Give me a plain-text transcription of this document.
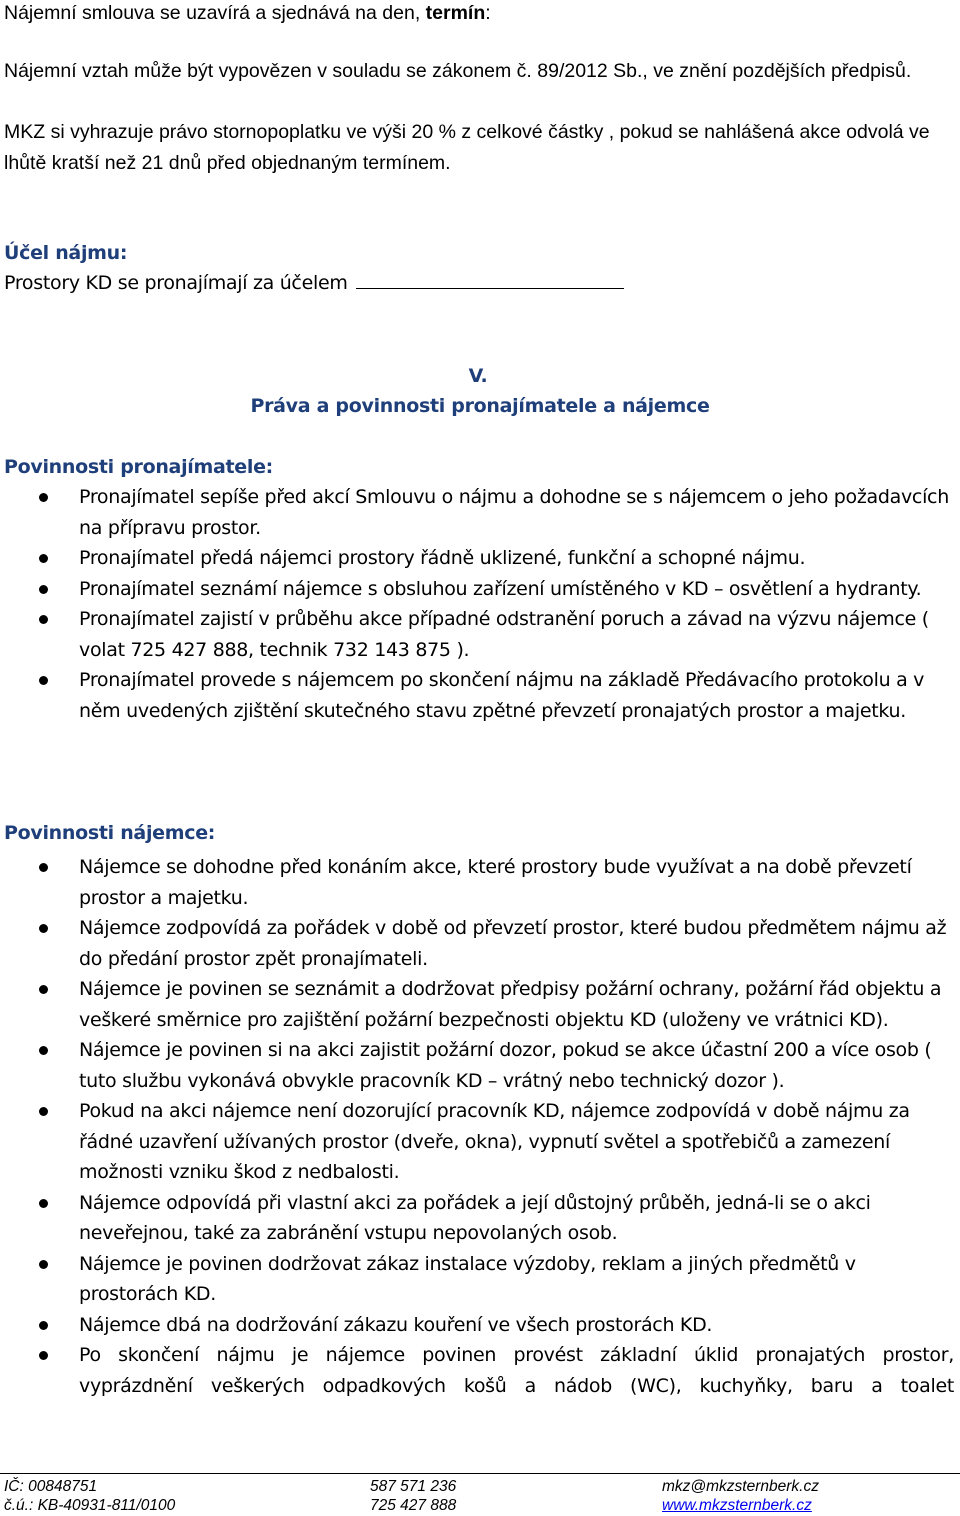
Nájemní smlouva se uzavírá a sjednává na den, termín:
Nájemní vztah může být vypovězen v souladu se zákonem č. 89/2012 Sb., ve znění pozdějších předpisů.
MKZ si vyhrazuje právo stornopoplatku ve výši 20 % z celkové částky , pokud se nahlášená akce odvolá ve lhůtě kratší než 21 dnů před objednaným termínem.
Účel nájmu:
Prostory KD se pronajímají za účelem
V.
Práva a povinnosti pronajímatele a nájemce
Povinnosti pronajímatele:
Pronajímatel sepíše před akcí Smlouvu o nájmu a dohodne se s nájemcem o jeho požadavcích na přípravu prostor.
Pronajímatel předá nájemci prostory řádně uklizené, funkční a schopné nájmu.
Pronajímatel seznámí nájemce s obsluhou zařízení umístěného v KD – osvětlení a hydranty.
Pronajímatel zajistí v průběhu akce případné odstranění poruch a závad na výzvu nájemce ( volat 725 427 888, technik 732 143 875 ).
Pronajímatel provede s nájemcem po skončení nájmu na základě Předávacího protokolu a v něm uvedených zjištění skutečného stavu zpětné převzetí pronajatých prostor a majetku.
Povinnosti nájemce:
Nájemce se dohodne před konáním akce, které prostory bude využívat a na době převzetí prostor a majetku.
Nájemce zodpovídá za pořádek v době od převzetí prostor, které budou předmětem nájmu až do předání prostor zpět pronajímateli.
Nájemce je povinen se seznámit a dodržovat předpisy požární ochrany, požární řád objektu a veškeré směrnice pro zajištění požární bezpečnosti objektu KD (uloženy ve vrátnici KD).
Nájemce je povinen si na akci zajistit požární dozor, pokud se akce účastní 200 a více osob ( tuto službu vykonává obvykle pracovník KD – vrátný nebo technický dozor ).
Pokud na akci nájemce není dozorující pracovník KD, nájemce zodpovídá v době nájmu za řádné uzavření užívaných prostor (dveře, okna), vypnutí světel a spotřebičů a zamezení možnosti vzniku škod z nedbalosti.
Nájemce odpovídá při vlastní akci za pořádek a její důstojný průběh, jedná-li se o akci neveřejnou, také za zabránění vstupu nepovolaných osob.
Nájemce je povinen dodržovat zákaz instalace výzdoby, reklam a jiných předmětů v prostorách KD.
Nájemce dbá na dodržování zákazu kouření ve všech prostorách KD.
Po skončení nájmu je nájemce povinen provést základní úklid pronajatých prostor, vyprázdnění veškerých odpadkových košů a nádob (WC), kuchyňky, baru a toalet
IČ: 00848751
č.ú.: KB-40931-811/0100
587 571 236
725 427 888
mkz@mkzsternberk.cz
www.mkzsternberk.cz
